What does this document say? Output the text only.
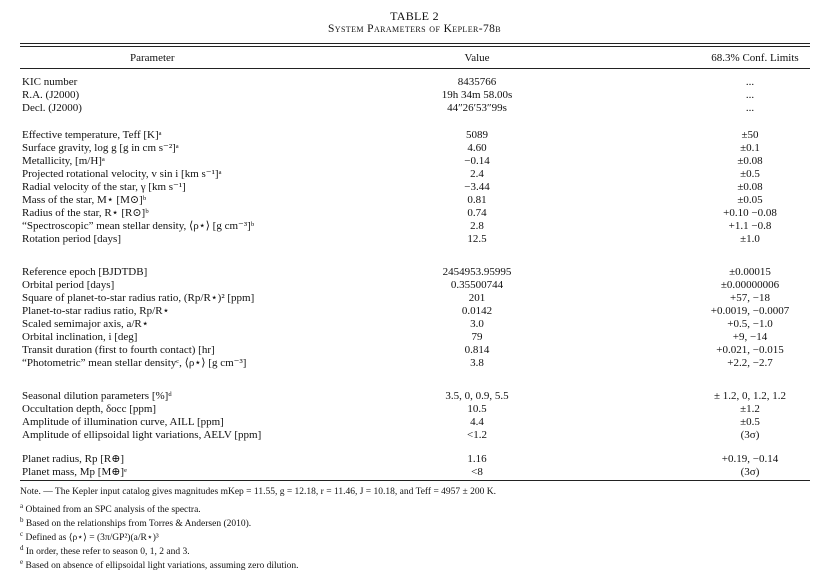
TABLE 2
System Parameters of Kepler-78b
Parameter	Value	68.3% Conf. Limits
KIC number	8435766	...
R.A. (J2000)	19h 34m 58.00s	...
Decl. (J2000)	44″26′53″99s	...
Effective temperature, Teff [K]ᵃ	5089	±50
Surface gravity, log g [g in cm s⁻²]ᵃ	4.60	±0.1
Metallicity, [m/H]ᵃ	−0.14	±0.08
Projected rotational velocity, v sin i [km s⁻¹]ᵃ	2.4	±0.5
Radial velocity of the star, γ [km s⁻¹]	−3.44	±0.08
Mass of the star, M⋆ [M⊙]ᵇ	0.81	±0.05
Radius of the star, R⋆ [R⊙]ᵇ	0.74	+0.10 −0.08
“Spectroscopic” mean stellar density, ⟨ρ⋆⟩ [g cm⁻³]ᵇ	2.8	+1.1 −0.8
Rotation period [days]	12.5	±1.0
Reference epoch [BJDTDB]	2454953.95995	±0.00015
Orbital period [days]	0.35500744	±0.00000006
Square of planet-to-star radius ratio, (Rp/R⋆)² [ppm]	201	+57, −18
Planet-to-star radius ratio, Rp/R⋆	0.0142	+0.0019, −0.0007
Scaled semimajor axis, a/R⋆	3.0	+0.5, −1.0
Orbital inclination, i [deg]	79	+9, −14
Transit duration (first to fourth contact) [hr]	0.814	+0.021, −0.015
“Photometric” mean stellar densityᶜ, ⟨ρ⋆⟩ [g cm⁻³]	3.8	+2.2, −2.7
Seasonal dilution parameters [%]ᵈ	3.5, 0, 0.9, 5.5	± 1.2, 0, 1.2, 1.2
Occultation depth, δocc [ppm]	10.5	±1.2
Amplitude of illumination curve, AILL [ppm]	4.4	±0.5
Amplitude of ellipsoidal light variations, AELV [ppm]	<1.2	(3σ)
Planet radius, Rp [R⊕]	1.16	+0.19, −0.14
Planet mass, Mp [M⊕]ᵉ	<8	(3σ)
Note. — The Kepler input catalog gives magnitudes mKep = 11.55, g = 12.18, r = 11.46, J = 10.18, and Teff = 4957 ± 200 K.
$^a$ Obtained from an SPC analysis of the spectra.
$^b$ Based on the relationships from Torres & Andersen (2010).
$^c$ Defined as ⟨ρ⋆⟩ = (3π/GP²)(a/R⋆)³
$^d$ In order, these refer to season 0, 1, 2 and 3.
$^e$ Based on absence of ellipsoidal light variations, assuming zero dilution.
